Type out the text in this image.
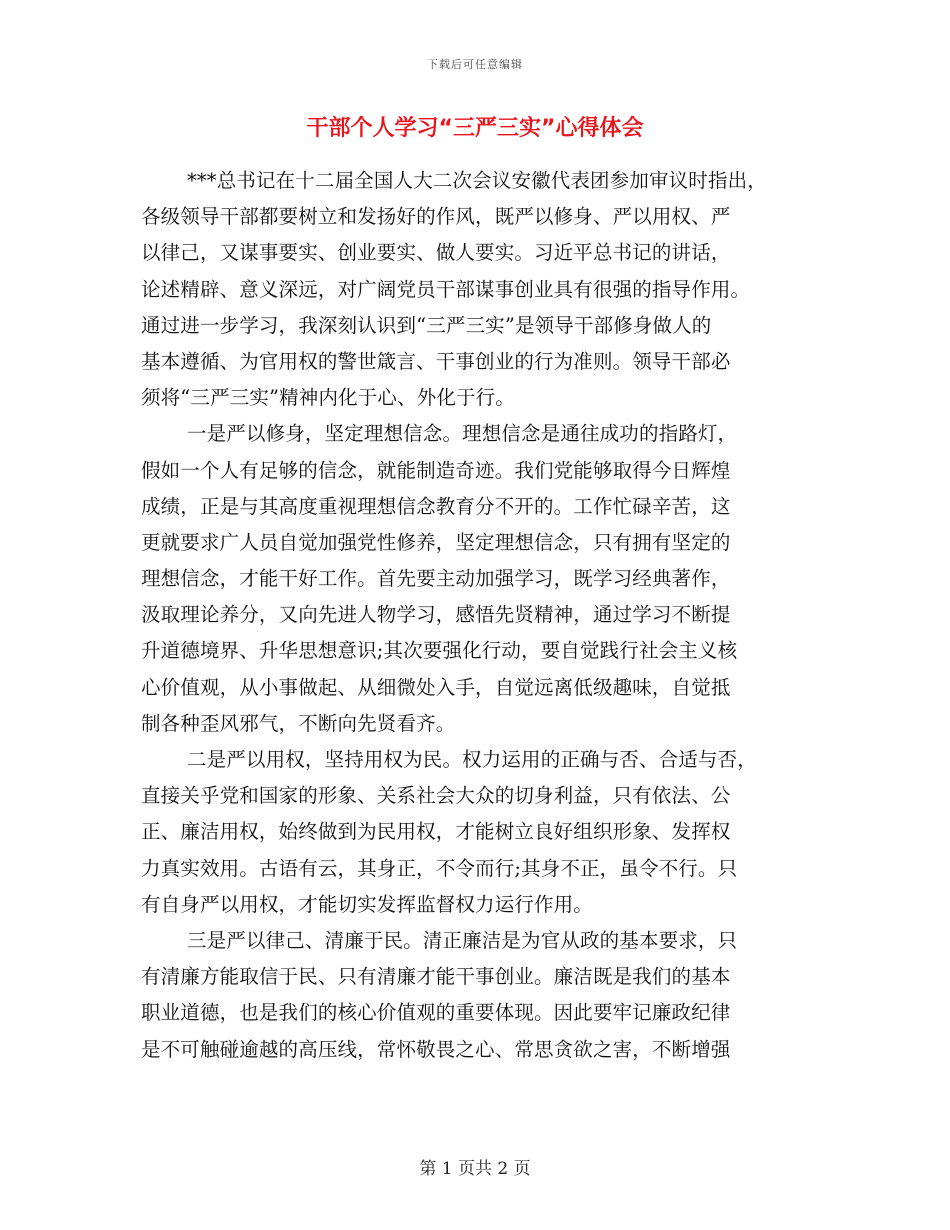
下载后可任意编辑
干部个人学习“三严三实”心得体会

***总书记在十二届全国人大二次会议安徽代表团参加审议时指出，
各级领导干部都要树立和发扬好的作风，既严以修身、严以用权、严
以律己，又谋事要实、创业要实、做人要实。习近平总书记的讲话，
论述精辟、意义深远，对广阔党员干部谋事创业具有很强的指导作用。
通过进一步学习，我深刻认识到“三严三实”是领导干部修身做人的
基本遵循、为官用权的警世箴言、干事创业的行为准则。领导干部必
须将“三严三实”精神内化于心、外化于行。

一是严以修身，坚定理想信念。理想信念是通往成功的指路灯，
假如一个人有足够的信念，就能制造奇迹。我们党能够取得今日辉煌
成绩，正是与其高度重视理想信念教育分不开的。工作忙碌辛苦，这
更就要求广人员自觉加强党性修养，坚定理想信念，只有拥有坚定的
理想信念，才能干好工作。首先要主动加强学习，既学习经典著作，
汲取理论养分，又向先进人物学习，感悟先贤精神，通过学习不断提
升道德境界、升华思想意识;其次要强化行动，要自觉践行社会主义核
心价值观，从小事做起、从细微处入手，自觉远离低级趣味，自觉抵
制各种歪风邪气，不断向先贤看齐。

二是严以用权，坚持用权为民。权力运用的正确与否、合适与否，
直接关乎党和国家的形象、关系社会大众的切身利益，只有依法、公
正、廉洁用权，始终做到为民用权，才能树立良好组织形象、发挥权
力真实效用。古语有云，其身正，不令而行;其身不正，虽令不行。只
有自身严以用权，才能切实发挥监督权力运行作用。

三是严以律己、清廉于民。清正廉洁是为官从政的基本要求，只
有清廉方能取信于民、只有清廉才能干事创业。廉洁既是我们的基本
职业道德，也是我们的核心价值观的重要体现。因此要牢记廉政纪律
是不可触碰逾越的高压线，常怀敬畏之心、常思贪欲之害，不断增强

第 1 页共 2 页
